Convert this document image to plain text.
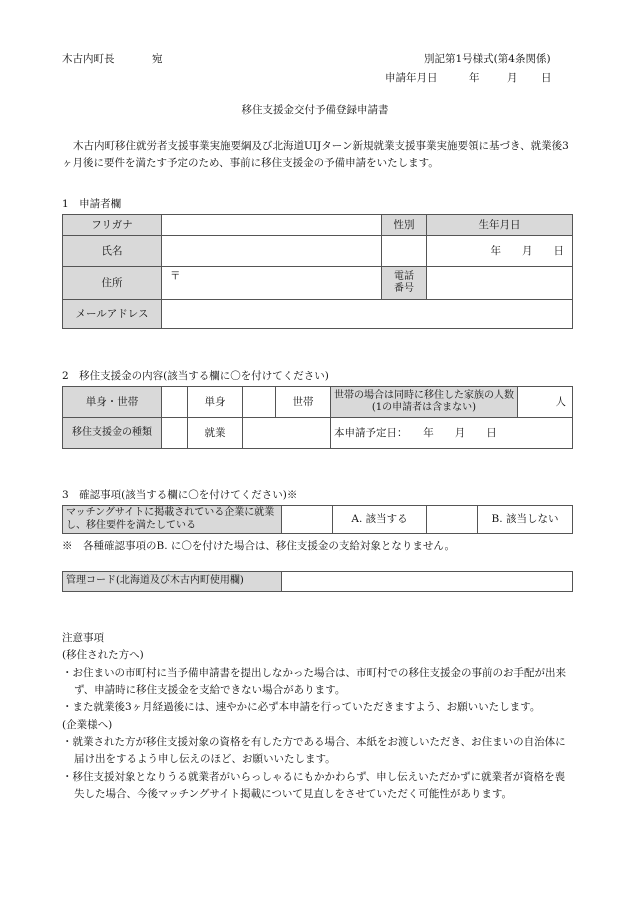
木古内町長	宛	別記第1号様式(第4条関係)
申請年月日	年	月 日
移住支援金交付予備登録申請書
木古内町移住就労者支援事業実施要綱及び北海道UIJターン新規就業支援事業実施要領に基づき、就業後3ヶ月後に要件を満たす予定のため、事前に移住支援金の予備申請をいたします。
1　申請者欄
フリガナ		性別	生年月日
氏名			年　　月　　日
住所	〒	電話
番号	
メールアドレス			
2　移住支援金の内容(該当する欄に〇を付けてください)
単身・世帯		単身		世帯	世帯の場合は同時に移住した家族の人数(1の申請者は含まない)	人
移住支援金の種類		就業			本申請予定日：　　年　　月　　日	
3　確認事項(該当する欄に〇を付けてください)※
マッチングサイトに掲載されている企業に就業し、移住要件を満たしている		A. 該当する		B. 該当しない
※　各種確認事項のB. に〇を付けた場合は、移住支援金の支給対象となりません。
管理コード(北海道及び木古内町使用欄)	

注意事項

(移住された方へ)

・お住まいの市町村に当予備申請書を提出しなかった場合は、市町村での移住支援金の事前のお手配が出来ず、申請時に移住支援金を支給できない場合があります。

・また就業後3ヶ月経過後には、速やかに必ず本申請を行っていただきますよう、お願いいたします。

(企業様へ)

・就業された方が移住支援対象の資格を有した方である場合、本紙をお渡しいただき、お住まいの自治体に届け出をするよう申し伝えのほど、お願いいたします。

・移住支援対象となりうる就業者がいらっしゃるにもかかわらず、申し伝えいただかずに就業者が資格を喪失した場合、今後マッチングサイト掲載について見直しをさせていただく可能性があります。
